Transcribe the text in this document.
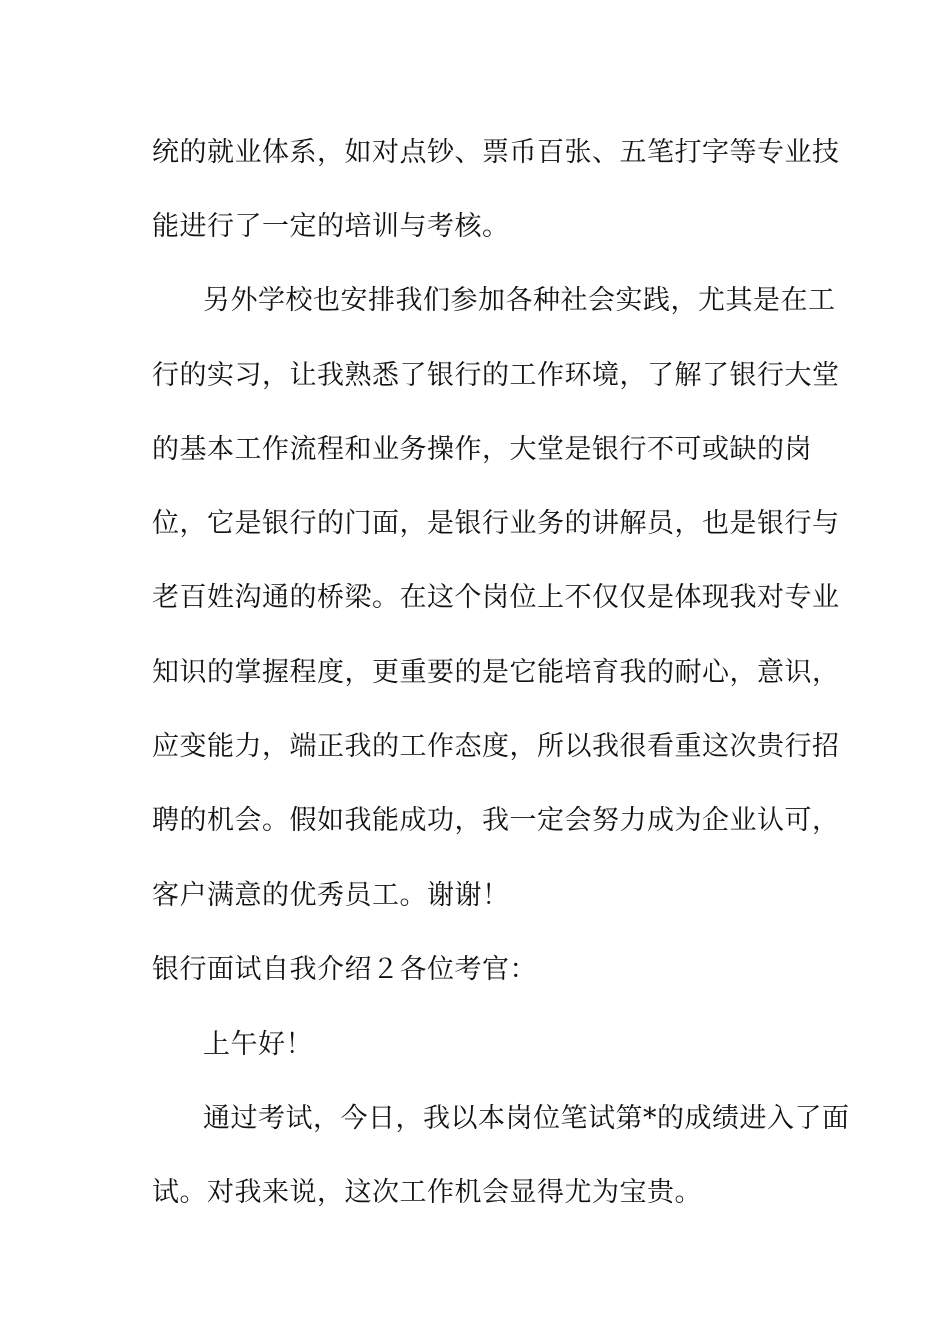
统的就业体系，如对点钞、票币百张、五笔打字等专业技
能进行了一定的培训与考核。
另外学校也安排我们参加各种社会实践，尤其是在工
行的实习，让我熟悉了银行的工作环境，了解了银行大堂
的基本工作流程和业务操作，大堂是银行不可或缺的岗
位，它是银行的门面，是银行业务的讲解员，也是银行与
老百姓沟通的桥梁。在这个岗位上不仅仅是体现我对专业
知识的掌握程度，更重要的是它能培育我的耐心，意识，
应变能力，端正我的工作态度，所以我很看重这次贵行招
聘的机会。假如我能成功，我一定会努力成为企业认可，
客户满意的优秀员工。谢谢！
银行面试自我介绍２各位考官：
上午好！
通过考试，今日，我以本岗位笔试第*的成绩进入了面
试。对我来说，这次工作机会显得尤为宝贵。
